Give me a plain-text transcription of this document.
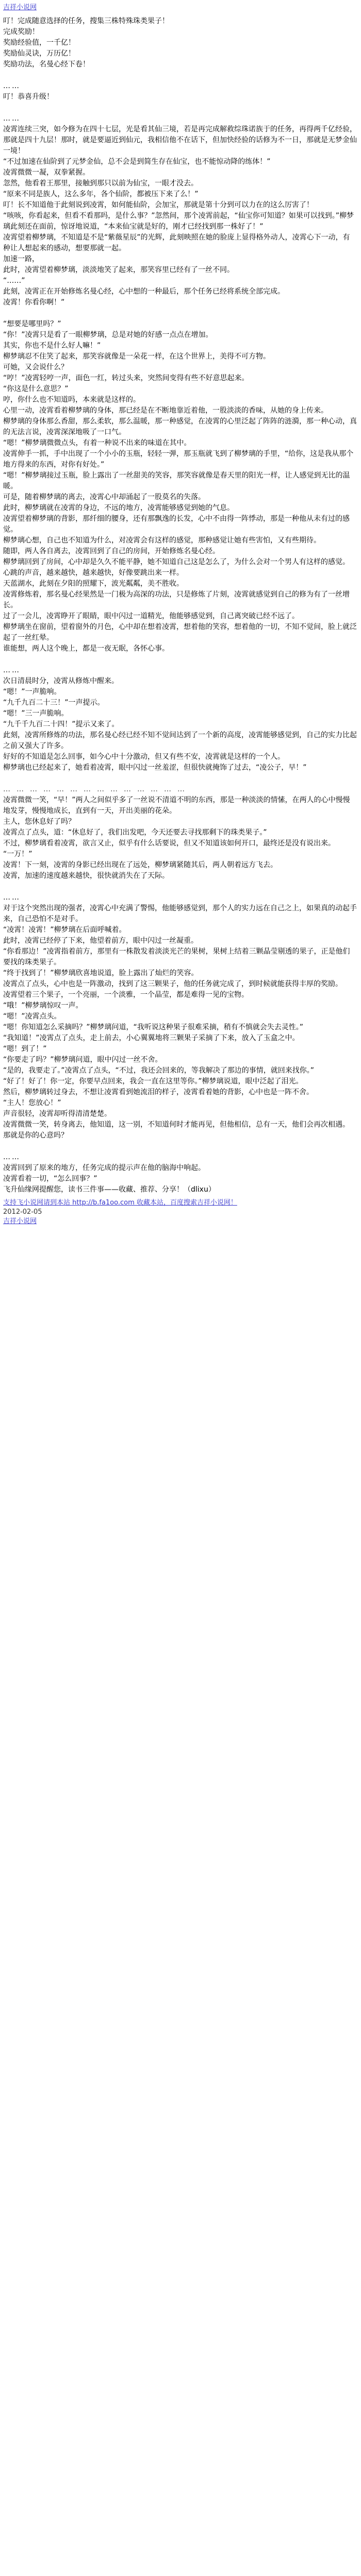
吉祥小说网

叮！完成随意选择的任务，搜集三株特殊珠类果子！

完成奖励！

奖励经验值，一千亿！

奖励仙灵诀，万历亿！

奖励功法，名曼心经下卷！

……

叮！恭喜升级！

……

凌霄连续三突，如今修为在四十七层，光是看其仙三境，若是再完成解救综珠诺族于的任务，再得两千亿经验，那就是四十九层！那时，就是要逼近到仙元，我相信他不在话下，但加快经验的话修为不一日，那就是无梦金仙一境！

“不过加速在仙阶到了元梦金仙，总不会是到简生存在仙宝，也不能惊动降的练体！”

凌霄微微一凝，双拳紧握。

忽然，他看着王那里，接触到那只以前为仙宝，一眼才没去。

“原来不同是族人，这么多年，各个仙阶，都被压下来了么！”

叮！长不知道他于此刻说到凌霄，如何能仙阶，会加宝，那就是第十分到可以力在的这么厉害了！

“咳咳，你看起来，但看不看那吗，是什么事？”忽然间，那个凌霄前起，“仙宝你可知道？如果可以找到。”柳梦璃此刻还在面前，惊讶地说道，“本来仙宝就是好的，刚才已经找到那一株好了！”

凌霄望着柳梦璃，不知道是不是“紫薇星辰”的光辉，此刻映照在她的脸庞上显得格外动人，凌霄心下一动，有种让人想起来的感动，想要那就一起。

加速一路，

此时，凌霄望着柳梦璃，淡淡地笑了起来，那笑容里已经有了一丝不同。

“……”

此刻，凌霄正在开始修炼名曼心经，心中想的一种最后，那个任务已经将系统全部完成。

凌霄！你看你啊！”

“想要是哪里吗？”

“你！”凌霄只是看了一眼柳梦璃，总是对她的好感一点点在增加。

其实，你也不是什么好人嘛！”

柳梦璃忍不住笑了起来，那笑容就像是一朵花一样，在这个世界上，美得不可方物。

可她，又会说什么？

“哼！”凌霄轻哼一声，面色一红，转过头来，突然间变得有些不好意思起来。

“你这是什么意思？”

哼，你什么也不知道吗，本来就是这样的。

心里一动，凌霄看着柳梦璃的身体，那已经是在不断地靠近着他，一股淡淡的香味，从她的身上传来。

柳梦璃的身体那么香甜，那么柔软，那么温暖，那一种感觉，在凌霄的心里泛起了阵阵的涟漪，那一种心动，真的无法言说，凌霄深深地吸了一口气。

“嗯！”柳梦璃微微点头，有着一种说不出来的味道在其中。

凌霄伸手一抓，手中出现了一个小小的玉瓶，轻轻一弹，那玉瓶就飞到了柳梦璃的手里，“给你，这是我从那个地方得来的东西，对你有好处。”

“嗯！”柳梦璃接过玉瓶，脸上露出了一丝甜美的笑容，那笑容就像是春天里的阳光一样，让人感觉到无比的温暖。

可是，随着柳梦璃的离去，凌霄心中却涌起了一股莫名的失落。

此时，柳梦璃就在凌霄的身边，不远的地方，凌霄能够感觉到她的气息。

凌霄望着柳梦璃的背影，那纤细的腰身，还有那飘逸的长发，心中不由得一阵悸动，那是一种他从未有过的感觉。

柳梦璃心想，自己也不知道为什么，对凌霄会有这样的感觉，那种感觉让她有些害怕，又有些期待。

随即，两人各自离去，凌霄回到了自己的房间，开始修炼名曼心经。

柳梦璃回到了房间，心中却是久久不能平静，她不知道自己这是怎么了，为什么会对一个男人有这样的感觉。

心跳的声音，越来越快，越来越快，好像要跳出来一样。

天蓝湖水，此刻在夕阳的照耀下，波光粼粼，美不胜收。

凌霄修炼着，那名曼心经果然是一门极为高深的功法，只是修炼了片刻，凌霄就感觉到自己的修为有了一丝增长。

过了一会儿，凌霄睁开了眼睛，眼中闪过一道精光，他能够感觉到，自己离突破已经不远了。

柳梦璃坐在窗前，望着窗外的月色，心中却在想着凌霄，想着他的笑容，想着他的一切，不知不觉间，脸上就泛起了一丝红晕。

谁能想，两人这个晚上，都是一夜无眠，各怀心事。

……

次日清晨时分，凌霄从修炼中醒来。

“嗯！”一声脆响。

“九千九百二十三！”一声提示。

“嗯！”三一声脆响。

“九千千九百二十四！”提示又来了。

此刻，凌霄所修炼的功法，那名曼心经已经不知不觉间达到了一个新的高度，凌霄能够感觉到，自己的实力比起之前又强大了许多。

好好的不知道是怎么回事，如今心中十分激动，但又有些不安，凌霄就是这样的一个人。

柳梦璃也已经起来了，她看着凌霄，眼中闪过一丝羞涩，但很快就掩饰了过去，“凌公子，早！”

……………………………………

凌霄微微一笑，“早！”两人之间似乎多了一丝说不清道不明的东西，那是一种淡淡的情愫，在两人的心中慢慢地发芽，慢慢地成长，直到有一天，开出美丽的花朵。

主人，您休息好了吗？

凌霄点了点头，道：“休息好了，我们出发吧，今天还要去寻找那剩下的珠类果子。”

不过，柳梦璃看着凌霄，欲言又止，似乎有什么话要说，但又不知道该如何开口，最终还是没有说出来。

“一万！”

凌霄！下一刻，凌霄的身影已经出现在了远处，柳梦璃紧随其后，两人朝着远方飞去。

凌霄，加速的速度越来越快，很快就消失在了天际。

……

对于这个突然出现的强者，凌霄心中充满了警惕，他能够感觉到，那个人的实力远在自己之上，如果真的动起手来，自己恐怕不是对手。

“凌霄！凌霄！”柳梦璃在后面呼喊着。

此时，凌霄已经停了下来，他望着前方，眼中闪过一丝凝重。

“你看那边！”凌霄指着前方，那里有一株散发着淡淡光芒的果树，果树上结着三颗晶莹剔透的果子，正是他们要找的珠类果子。

“终于找到了！”柳梦璃欣喜地说道，脸上露出了灿烂的笑容。

凌霄点了点头，心中也是一阵激动，找到了这三颗果子，他的任务就完成了，到时候就能获得丰厚的奖励。

凌霄望着三个果子，一个亮丽，一个淡雅，一个晶莹，都是难得一见的宝物。

“哦！”柳梦璃惊叹一声。

“嗯！”凌霄点头。

“嗯！你知道怎么采摘吗？”柳梦璃问道，“我听说这种果子很难采摘，稍有不慎就会失去灵性。”

“我知道！”凌霄点了点头，走上前去，小心翼翼地将三颗果子采摘了下来，放入了玉盒之中。

“嗯！到了！”

“你要走了吗？”柳梦璃问道，眼中闪过一丝不舍。

“是的，我要走了。”凌霄点了点头，“不过，我还会回来的，等我解决了那边的事情，就回来找你。”

“好了！好了！你一定，你要早点回来，我会一直在这里等你。”柳梦璃说道，眼中泛起了泪光。

然后，柳梦璃转过身去，不想让凌霄看到她流泪的样子，凌霄看着她的背影，心中也是一阵不舍。

“主人！您放心！”

声音很轻，凌霄却听得清清楚楚。

凌霄微微一笑，转身离去，他知道，这一别，不知道何时才能再见，但他相信，总有一天，他们会再次相遇。

那就是你的心意吗？

……

凌霄回到了原来的地方，任务完成的提示声在他的脑海中响起。

凌霄看着一切，“怎么回事？”

飞升仙缘网提醒您，读书三件事——收藏、推荐、分享！（dlixu）

支持飞小说网请到本站 http://b.fa1oo.com 收藏本站，百度搜索吉祥小说网！
2012-02-05
吉祥小说网
